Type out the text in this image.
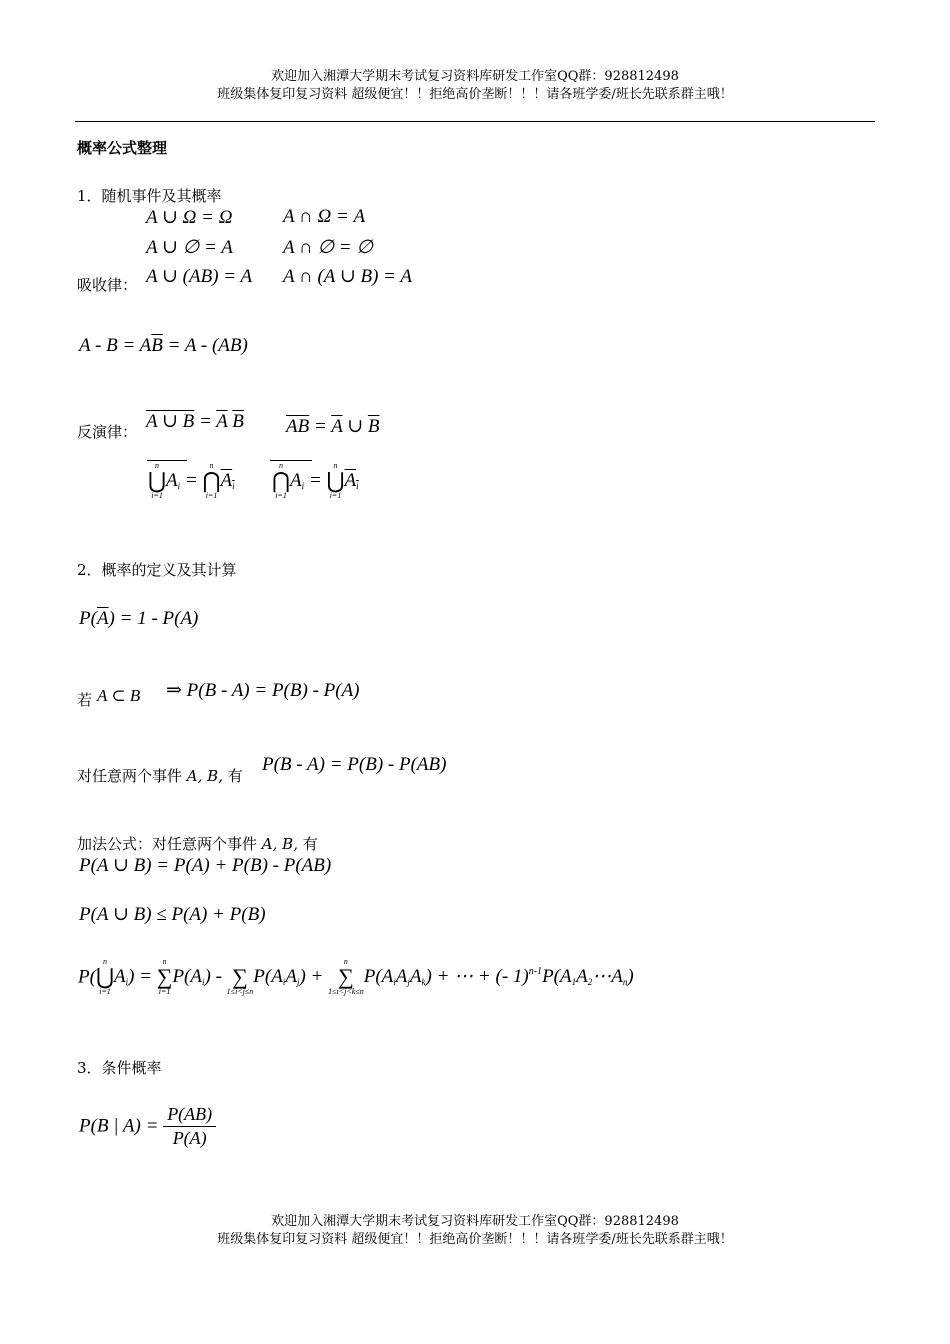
欢迎加入湘潭大学期末考试复习资料库研发工作室QQ群：928812498
班级集体复印复习资料 超级便宜！！拒绝高价垄断！！！请各班学委/班长先联系群主哦！
概率公式整理
1．随机事件及其概率
A ∪ Ω = Ω	A ∩ Ω = A
A ∪ ∅ = A	A ∩ ∅ = ∅
吸收律： A ∪ (AB) = A A ∩ (A ∪ B) = A
$A - B = A\overline{B} = A - (AB)$
反演律： A ∪ $B = \overline{A}$ $\overline{B}$ $\overline{AB} = \overline{A}$ ∪ $\overline{B}$
n
⋃
i=1
$A_i$ =
n
⋂
i=1
$A_i$
n
⋂
i=1
$A_i$ =
n
⋃
i=1
$A_i$
2．概率的定义及其计算
$P(\overline{A}) = 1 - P(A)$
若 A ⊂ B ⇒ P(B - A) = P(B) - P(A)
对任意两个事件 A, B, 有
P(B - A) = P(B) - P(AB)
加法公式：对任意两个事件 A, B, 有
P(A ∪ B) = P(A) + P(B) - P(AB)
P(A ∪ B) ≤ P(A) + P(B)
P(
n
⋃
i=1
$A_i$) =
n
∑
i=1
$P(A_i)$ -
∑
1≤i<j≤n
$P(A_iA_j)$ +
n
∑
1≤i<j<k≤n
$P(A_iA_jA_k)$ + ⋯ + (- $1)^{n-1}P(A_1A_2\cdots A_n)$
3．条件概率
P(B | $A) = \frac{P(AB)}{P(A)}$
欢迎加入湘潭大学期末考试复习资料库研发工作室QQ群：928812498
班级集体复印复习资料 超级便宜！！拒绝高价垄断！！！请各班学委/班长先联系群主哦！
